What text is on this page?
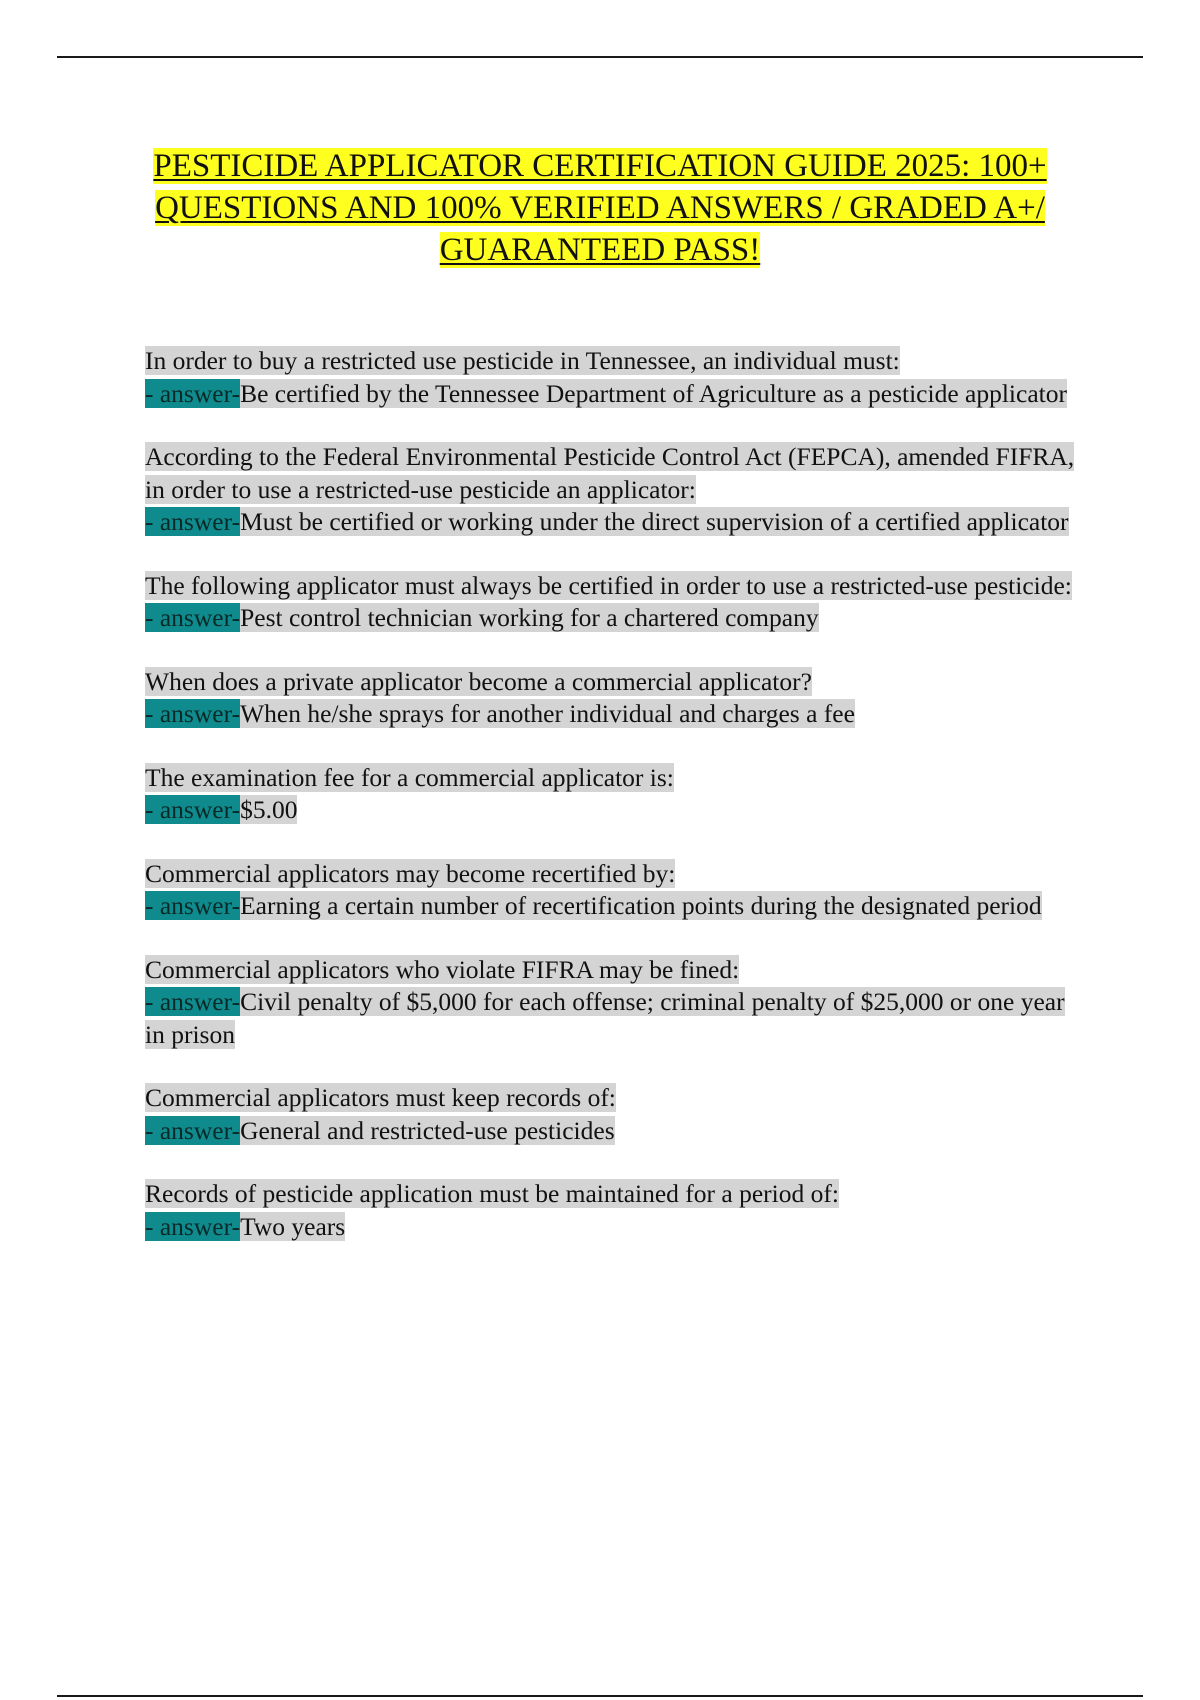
PESTICIDE APPLICATOR CERTIFICATION GUIDE 2025: 100+ QUESTIONS AND 100% VERIFIED ANSWERS / GRADED A+/ GUARANTEED PASS!

In order to buy a restricted use pesticide in Tennessee, an individual must:

- answer-Be certified by the Tennessee Department of Agriculture as a pesticide applicator

According to the Federal Environmental Pesticide Control Act (FEPCA), amended FIFRA, in order to use a restricted-use pesticide an applicator:

- answer-Must be certified or working under the direct supervision of a certified applicator

The following applicator must always be certified in order to use a restricted-use pesticide:

- answer-Pest control technician working for a chartered company

When does a private applicator become a commercial applicator?

- answer-When he/she sprays for another individual and charges a fee

The examination fee for a commercial applicator is:

- answer-$5.00

Commercial applicators may become recertified by:

- answer-Earning a certain number of recertification points during the designated period

Commercial applicators who violate FIFRA may be fined:

- answer-Civil penalty of $5,000 for each offense; criminal penalty of $25,000 or one year in prison

Commercial applicators must keep records of:

- answer-General and restricted-use pesticides

Records of pesticide application must be maintained for a period of:

- answer-Two years
